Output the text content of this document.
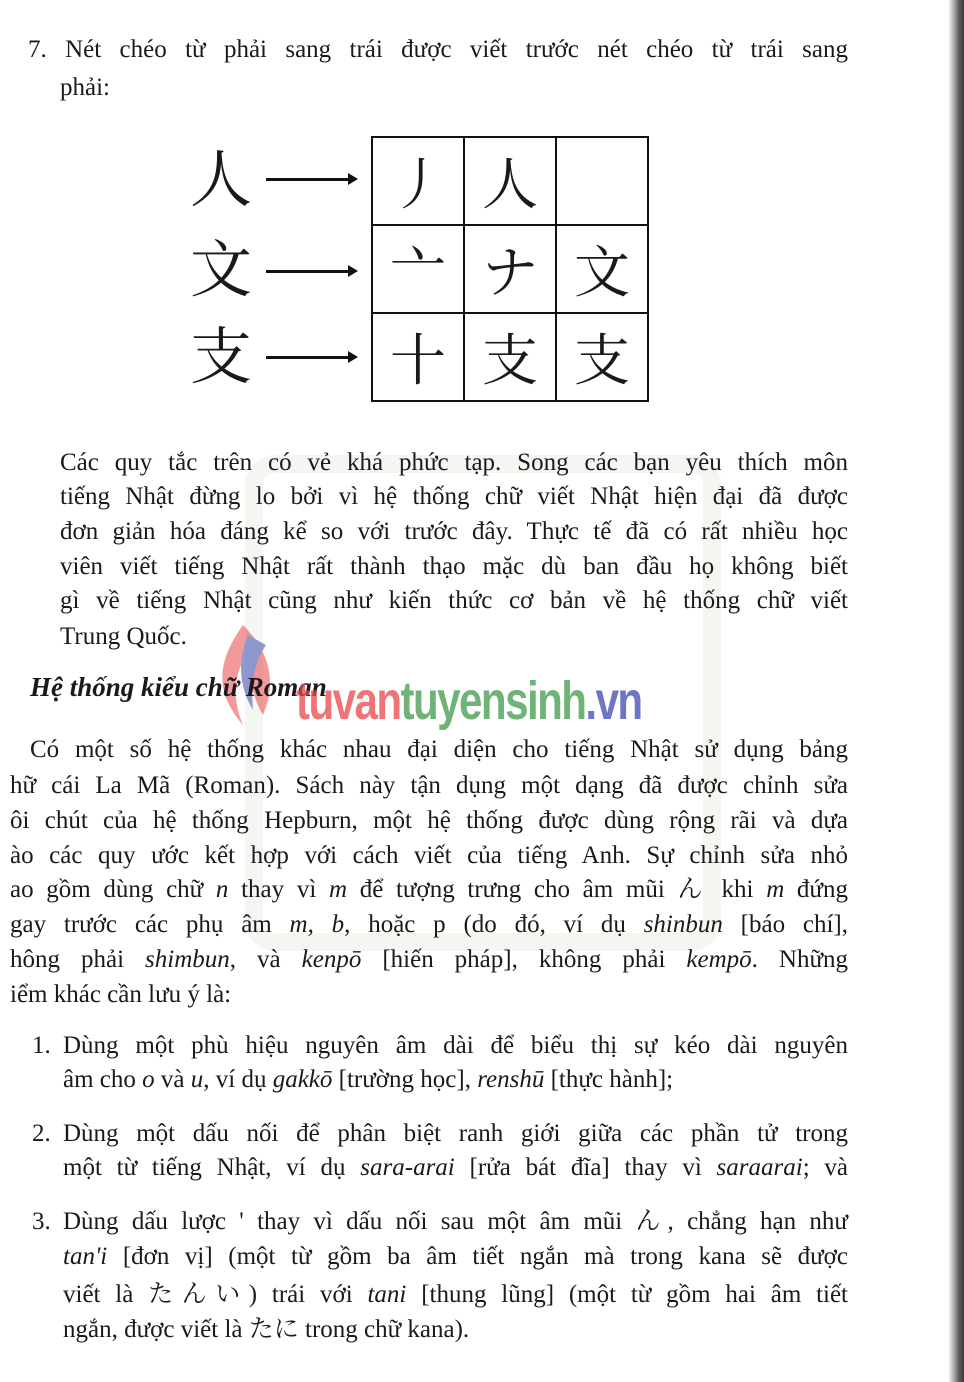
7. Nét chéo từ phải sang trái được viết trước nét chéo từ trái sang
phải:
人
文
支
丿	人	
亠	ナ	文
十	支	支
Các quy tắc trên có vẻ khá phức tạp. Song các bạn yêu thích môn
tiếng Nhật đừng lo bởi vì hệ thống chữ viết Nhật hiện đại đã được
đơn giản hóa đáng kể so với trước đây. Thực tế đã có rất nhiều học
viên viết tiếng Nhật rất thành thạo mặc dù ban đầu họ không biết
gì về tiếng Nhật cũng như kiến thức cơ bản về hệ thống chữ viết
Trung Quốc.
Hệ thống kiểu chữ Roman
tuvantuyensinh.vn
Có một số hệ thống khác nhau đại diện cho tiếng Nhật sử dụng bảng
hữ cái La Mã (Roman). Sách này tận dụng một dạng đã được chỉnh sửa
ôi chút của hệ thống Hepburn, một hệ thống được dùng rộng rãi và dựa
ào các quy ước kết hợp với cách viết của tiếng Anh. Sự chỉnh sửa nhỏ
ao gồm dùng chữ n thay vì m để tượng trưng cho âm mũi ん khi m đứng
gay trước các phụ âm m, b, hoặc p (do đó, ví dụ shinbun [báo chí],
hông phải shimbun, và kenpō [hiến pháp], không phải kempō. Những
iểm khác cần lưu ý là:
1. Dùng một phù hiệu nguyên âm dài để biểu thị sự kéo dài nguyên
âm cho o và u, ví dụ gakkō [trường học], renshū [thực hành];
2. Dùng một dấu nối để phân biệt ranh giới giữa các phần tử trong
một từ tiếng Nhật, ví dụ sara-arai [rửa bát đĩa] thay vì saraarai; và
3. Dùng dấu lược ' thay vì dấu nối sau một âm mũi ん, chẳng hạn như
tan'i [đơn vị] (một từ gồm ba âm tiết ngắn mà trong kana sẽ được
viết là たんい) trái với tani [thung lũng] (một từ gồm hai âm tiết
ngắn, được viết là たに trong chữ kana).
